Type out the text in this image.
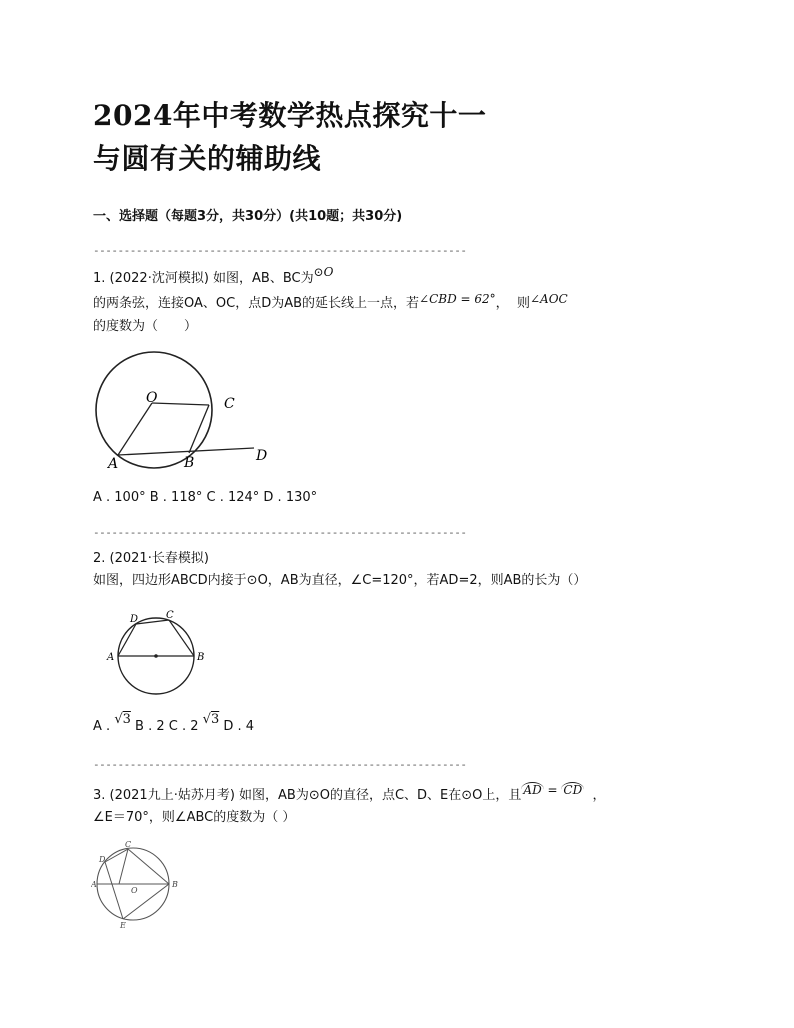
2024年中考数学热点探究十一
与圆有关的辅助线
一、选择题（每题3分，共30分）(共10题；共30分)
-------------------------------------------------------------
1. (2022·沈河模拟) 如图，AB、BC为⊙O
的两条弦，连接OA、OC，点D为AB的延长线上一点，若∠CBD = 62°， 则∠AOC
的度数为（　　）
O	C
A	B	D
A . 100° B . 118° C . 124° D . 130°
-------------------------------------------------------------
2. (2021·长春模拟)
如图，四边形ABCD内接于⊙O，AB为直径，∠C=120°，若AD=2，则AB的长为（）
D	C
A	B
A . √3 B . 2 C . 2 √3 D . 4
-------------------------------------------------------------
3. (2021九上·姑苏月考) 如图，AB为⊙O的直径，点C、D、E在⊙O上，且 AD = CD ，
∠E＝70°，则∠ABC的度数为（ ）
D
C
A
O
B
E
